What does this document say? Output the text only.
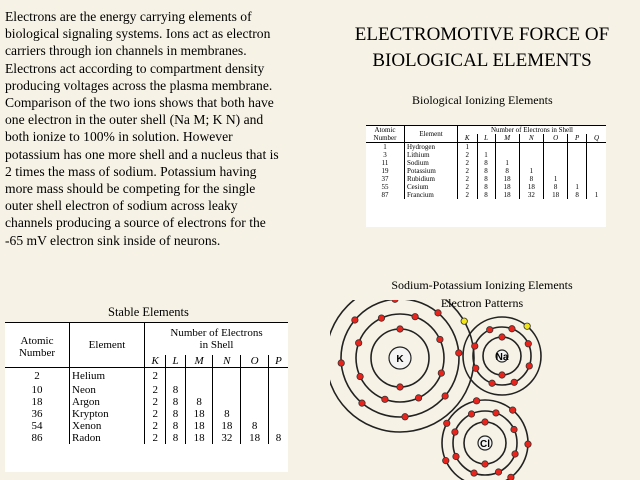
Electrons are the energy carrying elements of
biological signaling systems. Ions act as electron
carriers through ion channels in membranes.
Electrons act according to compartment density
producing voltages across the plasma membrane.
Comparison of the two ions shows that both have
one electron in the outer shell (Na M; K N) and
both ionize to 100% in solution. However
potassium has one more shell and a nucleus that is
2 times the mass of sodium. Potassium having
more mass should be competing for the single
outer shell electron of sodium across leaky
channels producing a source of electrons for the
-65 mV electron sink inside of neurons.

ELECTROMOTIVE FORCE OF
BIOLOGICAL ELEMENTS
Biological Ionizing Elements
Atomic Number	Element	Number of Electrons in Shell						
		K	L	M	N	O	P	Q
1	Hydrogen	1						
3	Lithium	2	1					
11	Sodium	2	8	1				
19	Potassium	2	8	8	1			
37	Rubidium	2	8	18	8	1		
55	Cesium	2	8	18	18	8	1	
87	Francium	2	8	18	32	18	8	1
Stable Elements
Atomic Number	Element	Number of Electrons in Shell					
		K	L	M	N	O	P
2	Helium	2					
10	Neon	2	8				
18	Argon	2	8	8			
36	Krypton	2	8	18	8		
54	Xenon	2	8	18	18	8	
86	Radon	2	8	18	32	18	8
Sodium-Potassium Ionizing Elements
Electron Patterns
K	Na
Cl
